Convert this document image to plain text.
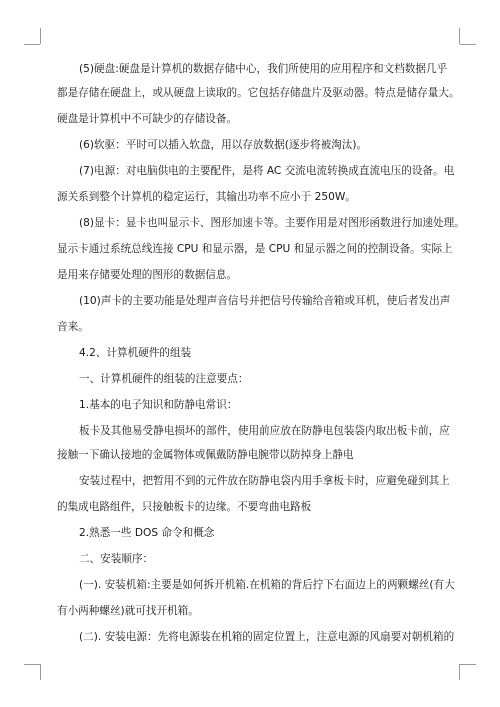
(5)硬盘:硬盘是计算机的数据存储中心，我们所使用的应用程序和文档数据几乎
都是存储在硬盘上，或从硬盘上读取的。它包括存储盘片及驱动器。特点是储存量大。
硬盘是计算机中不可缺少的存储设备。
(6)软驱：平时可以插入软盘，用以存放数据(逐步将被淘汰)。
(7)电源：对电脑供电的主要配件，是将 AC 交流电流转换成直流电压的设备。电
源关系到整个计算机的稳定运行，其输出功率不应小于 250W。
(8)显卡：显卡也叫显示卡、图形加速卡等。主要作用是对图形函数进行加速处理。
显示卡通过系统总线连接 CPU 和显示器，是 CPU 和显示器之间的控制设备。实际上
是用来存储要处理的图形的数据信息。
(10)声卡的主要功能是处理声音信号并把信号传输给音箱或耳机，使后者发出声
音来。
4.2、计算机硬件的组装
一、计算机硬件的组装的注意要点：
1.基本的电子知识和防静电常识：
板卡及其他易受静电损坏的部件，使用前应放在防静电包装袋内取出板卡前，应
接触一下确认接地的金属物体或佩戴防静电腕带以防掉身上静电
安装过程中，把暂用不到的元件放在防静电袋内用手拿板卡时，应避免碰到其上
的集成电路组件，只接触板卡的边缘。不要弯曲电路板
2.熟悉一些 DOS 命令和概念
二、安装顺序：
(一). 安装机箱:主要是如何拆开机箱.在机箱的背后拧下右面边上的两颗螺丝(有大
有小两种螺丝)就可找开机箱。
(二). 安装电源：先将电源装在机箱的固定位置上，注意电源的风扇要对朝机箱的
